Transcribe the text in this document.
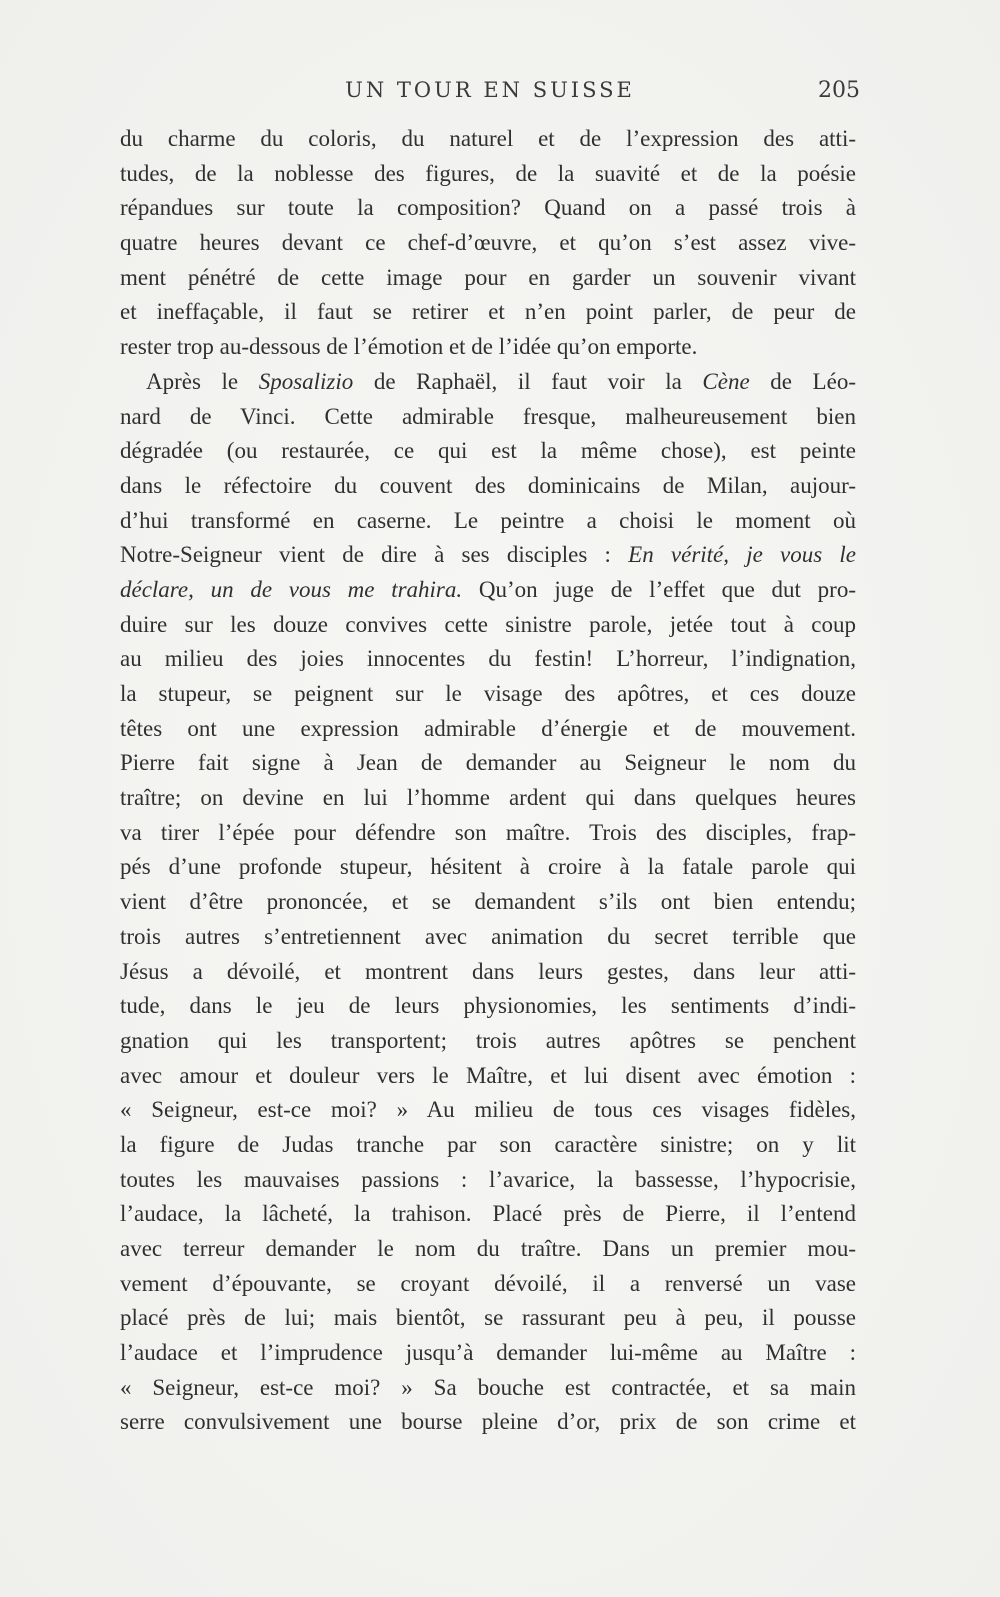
UN TOUR EN SUISSE	205
du charme du coloris, du naturel et de l’expression des atti-
tudes, de la noblesse des figures, de la suavité et de la poésie
répandues sur toute la composition? Quand on a passé trois à
quatre heures devant ce chef-d’œuvre, et qu’on s’est assez vive-
ment pénétré de cette image pour en garder un souvenir vivant
et ineffaçable, il faut se retirer et n’en point parler, de peur de
rester trop au-dessous de l’émotion et de l’idée qu’on emporte.
Après le Sposalizio de Raphaël, il faut voir la Cène de Léo-
nard de Vinci. Cette admirable fresque, malheureusement bien
dégradée (ou restaurée, ce qui est la même chose), est peinte
dans le réfectoire du couvent des dominicains de Milan, aujour-
d’hui transformé en caserne. Le peintre a choisi le moment où
Notre-Seigneur vient de dire à ses disciples : En vérité, je vous le
déclare, un de vous me trahira. Qu’on juge de l’effet que dut pro-
duire sur les douze convives cette sinistre parole, jetée tout à coup
au milieu des joies innocentes du festin! L’horreur, l’indignation,
la stupeur, se peignent sur le visage des apôtres, et ces douze
têtes ont une expression admirable d’énergie et de mouvement.
Pierre fait signe à Jean de demander au Seigneur le nom du
traître; on devine en lui l’homme ardent qui dans quelques heures
va tirer l’épée pour défendre son maître. Trois des disciples, frap-
pés d’une profonde stupeur, hésitent à croire à la fatale parole qui
vient d’être prononcée, et se demandent s’ils ont bien entendu;
trois autres s’entretiennent avec animation du secret terrible que
Jésus a dévoilé, et montrent dans leurs gestes, dans leur atti-
tude, dans le jeu de leurs physionomies, les sentiments d’indi-
gnation qui les transportent; trois autres apôtres se penchent
avec amour et douleur vers le Maître, et lui disent avec émotion :
« Seigneur, est-ce moi? » Au milieu de tous ces visages fidèles,
la figure de Judas tranche par son caractère sinistre; on y lit
toutes les mauvaises passions : l’avarice, la bassesse, l’hypocrisie,
l’audace, la lâcheté, la trahison. Placé près de Pierre, il l’entend
avec terreur demander le nom du traître. Dans un premier mou-
vement d’épouvante, se croyant dévoilé, il a renversé un vase
placé près de lui; mais bientôt, se rassurant peu à peu, il pousse
l’audace et l’imprudence jusqu’à demander lui-même au Maître :
« Seigneur, est-ce moi? » Sa bouche est contractée, et sa main
serre convulsivement une bourse pleine d’or, prix de son crime et
